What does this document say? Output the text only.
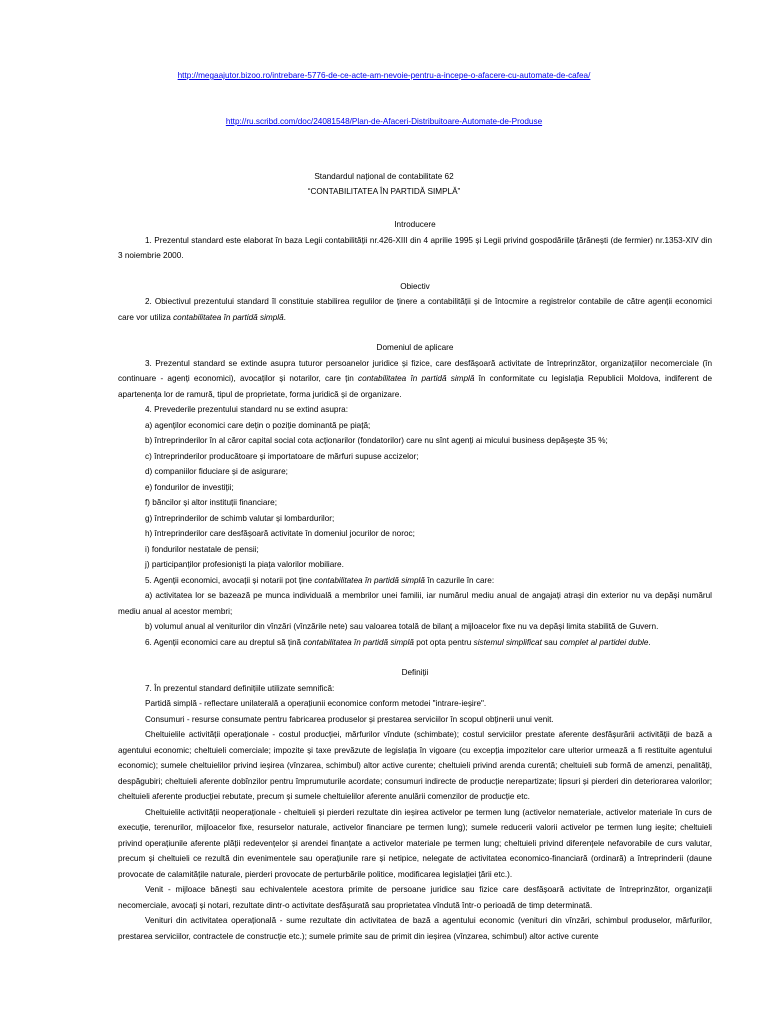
http://megaajutor.bizoo.ro/intrebare-5776-de-ce-acte-am-nevoie-pentru-a-incepe-o-afacere-cu-automate-de-cafea/
http://ru.scribd.com/doc/24081548/Plan-de-Afaceri-Distribuitoare-Automate-de-Produse
Standardul național de contabilitate 62
“CONTABILITATEA ÎN PARTIDĂ SIMPLĂ”

Introducere

1. Prezentul standard este elaborat în baza Legii contabilității nr.426-XIII din 4 aprilie 1995 și Legii privind gospodăriile țărănești (de fermier) nr.1353-XIV din 3 noiembrie 2000.

Obiectiv

2. Obiectivul prezentului standard îl constituie stabilirea regulilor de ținere a contabilității și de întocmire a registrelor contabile de către agenții economici care vor utiliza contabilitatea în partidă simplă.

Domeniul de aplicare

3. Prezentul standard se extinde asupra tuturor persoanelor juridice și fizice, care desfășoară activitate de întreprinzător, organizațiilor necomerciale (în continuare - agenți economici), avocaților și notarilor, care țin contabilitatea în partidă simplă în conformitate cu legislația Republicii Moldova, indiferent de apartenența lor de ramură, tipul de proprietate, forma juridică și de organizare.

4. Prevederile prezentului standard nu se extind asupra:

a) agenților economici care dețin o poziție dominantă pe piață;

b) întreprinderilor în al căror capital social cota acționarilor (fondatorilor) care nu sînt agenți ai micului business depășește 35 %;

c) întreprinderilor producătoare și importatoare de mărfuri supuse accizelor;

d) companiilor fiduciare și de asigurare;

e) fondurilor de investiții;

f) băncilor și altor instituții financiare;

g) întreprinderilor de schimb valutar și lombardurilor;

h) întreprinderilor care desfășoară activitate în domeniul jocurilor de noroc;

i) fondurilor nestatale de pensii;

j) participanților profesioniști la piața valorilor mobiliare.

5. Agenții economici, avocații și notarii pot ține contabilitatea în partidă simplă în cazurile în care:

a) activitatea lor se bazează pe munca individuală a membrilor unei familii, iar numărul mediu anual de angajați atrași din exterior nu va depăși numărul mediu anual al acestor membri;

b) volumul anual al veniturilor din vînzări (vînzările nete) sau valoarea totală de bilanț a mijloacelor fixe nu va depăși limita stabilită de Guvern.

6. Agenții economici care au dreptul să țină contabilitatea în partidă simplă pot opta pentru sistemul simplificat sau complet al partidei duble.

Definiții

7. În prezentul standard definițiile utilizate semnifică:

Partidă simplă - reflectare unilaterală a operațiunii economice conform metodei "intrare-ieșire".

Consumuri - resurse consumate pentru fabricarea produselor și prestarea serviciilor în scopul obținerii unui venit.

Cheltuielile activității operaționale - costul producției, mărfurilor vîndute (schimbate); costul serviciilor prestate aferente desfășurării activității de bază a agentului economic; cheltuieli comerciale; impozite și taxe prevăzute de legislația în vigoare (cu excepția impozitelor care ulterior urmează a fi restituite agentului economic); sumele cheltuielilor privind ieșirea (vînzarea, schimbul) altor active curente; cheltuieli privind arenda curentă; cheltuieli sub formă de amenzi, penalități, despăgubiri; cheltuieli aferente dobînzilor pentru împrumuturile acordate; consumuri indirecte de producție nerepartizate; lipsuri și pierderi din deteriorarea valorilor; cheltuieli aferente producției rebutate, precum și sumele cheltuielilor aferente anulării comenzilor de producție etc.

Cheltuielile activității neoperaționale - cheltuieli și pierderi rezultate din ieșirea activelor pe termen lung (activelor nemateriale, activelor materiale în curs de execuție, terenurilor, mijloacelor fixe, resurselor naturale, activelor financiare pe termen lung); sumele reducerii valorii activelor pe termen lung ieșite; cheltuieli privind operațiunile aferente plății redevențelor și arendei finanțate a activelor materiale pe termen lung; cheltuieli privind diferențele nefavorabile de curs valutar, precum și cheltuieli ce rezultă din evenimentele sau operațiunile rare și netipice, nelegate de activitatea economico-financiară (ordinară) a întreprinderii (daune provocate de calamitățile naturale, pierderi provocate de perturbările politice, modificarea legislației țării etc.).

Venit - mijloace bănești sau echivalentele acestora primite de persoane juridice sau fizice care desfășoară activitate de întreprinzător, organizații necomerciale, avocați și notari, rezultate dintr-o activitate desfășurată sau proprietatea vîndută într-o perioadă de timp determinată.

Venituri din activitatea operațională - sume rezultate din activitatea de bază a agentului economic (venituri din vînzări, schimbul produselor, mărfurilor, prestarea serviciilor, contractele de construcție etc.); sumele primite sau de primit din ieșirea (vînzarea, schimbul) altor active curente
